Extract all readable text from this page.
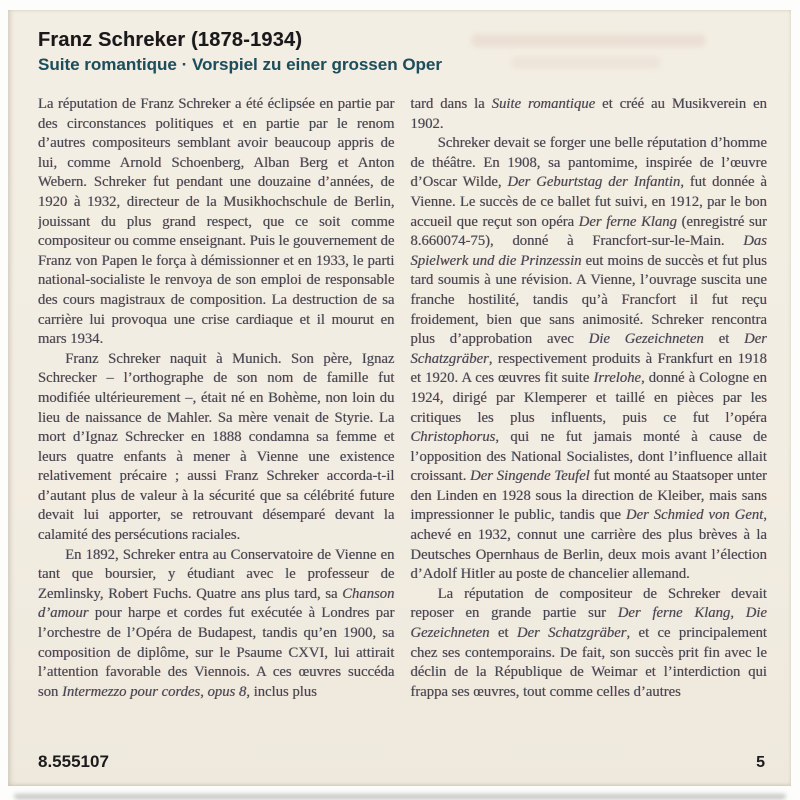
Franz Schreker (1878-1934)
Suite romantique · Vorspiel zu einer grossen Oper

La réputation de Franz Schreker a été éclipsée en partie par des circonstances politiques et en partie par le renom d’autres compositeurs semblant avoir beaucoup appris de lui, comme Arnold Schoenberg, Alban Berg et Anton Webern. Schreker fut pendant une douzaine d’années, de 1920 à 1932, directeur de la Musikhochschule de Berlin, jouissant du plus grand respect, que ce soit comme compositeur ou comme enseignant. Puis le gouvernement de Franz von Papen le força à démissionner et en 1933, le parti national-socialiste le renvoya de son emploi de responsable des cours magistraux de composition. La destruction de sa carrière lui provoqua une crise cardiaque et il mourut en mars 1934.

Franz Schreker naquit à Munich. Son père, Ignaz Schrecker – l’orthographe de son nom de famille fut modifiée ultérieurement –, était né en Bohème, non loin du lieu de naissance de Mahler. Sa mère venait de Styrie. La mort d’Ignaz Schrecker en 1888 condamna sa femme et leurs quatre enfants à mener à Vienne une existence relativement précaire ; aussi Franz Schreker accorda-t-il d’autant plus de valeur à la sécurité que sa célébrité future devait lui apporter, se retrouvant désemparé devant la calamité des persécutions raciales.

En 1892, Schreker entra au Conservatoire de Vienne en tant que boursier, y étudiant avec le professeur de Zemlinsky, Robert Fuchs. Quatre ans plus tard, sa Chanson d’amour pour harpe et cordes fut exécutée à Londres par l’orchestre de l’Opéra de Budapest, tandis qu’en 1900, sa composition de diplôme, sur le Psaume CXVI, lui attirait l’attention favorable des Viennois. A ces œuvres succéda son Intermezzo pour cordes, opus 8, inclus plus

tard dans la Suite romantique et créé au Musikverein en 1902.

Schreker devait se forger une belle réputation d’homme de théâtre. En 1908, sa pantomime, inspirée de l’œuvre d’Oscar Wilde, Der Geburtstag der Infantin, fut donnée à Vienne. Le succès de ce ballet fut suivi, en 1912, par le bon accueil que reçut son opéra Der ferne Klang (enregistré sur 8.660074-75), donné à Francfort-sur-le-Main. Das Spielwerk und die Prinzessin eut moins de succès et fut plus tard soumis à une révision. A Vienne, l’ouvrage suscita une franche hostilité, tandis qu’à Francfort il fut reçu froidement, bien que sans animosité. Schreker rencontra plus d’approbation avec Die Gezeichneten et Der Schatzgräber, respectivement produits à Frankfurt en 1918 et 1920. A ces œuvres fit suite Irrelohe, donné à Cologne en 1924, dirigé par Klemperer et taillé en pièces par les critiques les plus influents, puis ce fut l’opéra Christophorus, qui ne fut jamais monté à cause de l’opposition des National Socialistes, dont l’influence allait croissant. Der Singende Teufel fut monté au Staatsoper unter den Linden en 1928 sous la direction de Kleiber, mais sans impressionner le public, tandis que Der Schmied von Gent, achevé en 1932, connut une carrière des plus brèves à la Deutsches Opernhaus de Berlin, deux mois avant l’élection d’Adolf Hitler au poste de chancelier allemand.

La réputation de compositeur de Schreker devait reposer en grande partie sur Der ferne Klang, Die Gezeichneten et Der Schatzgräber, et ce principalement chez ses contemporains. De fait, son succès prit fin avec le déclin de la République de Weimar et l’interdiction qui frappa ses œuvres, tout comme celles d’autres

8.555107	5
